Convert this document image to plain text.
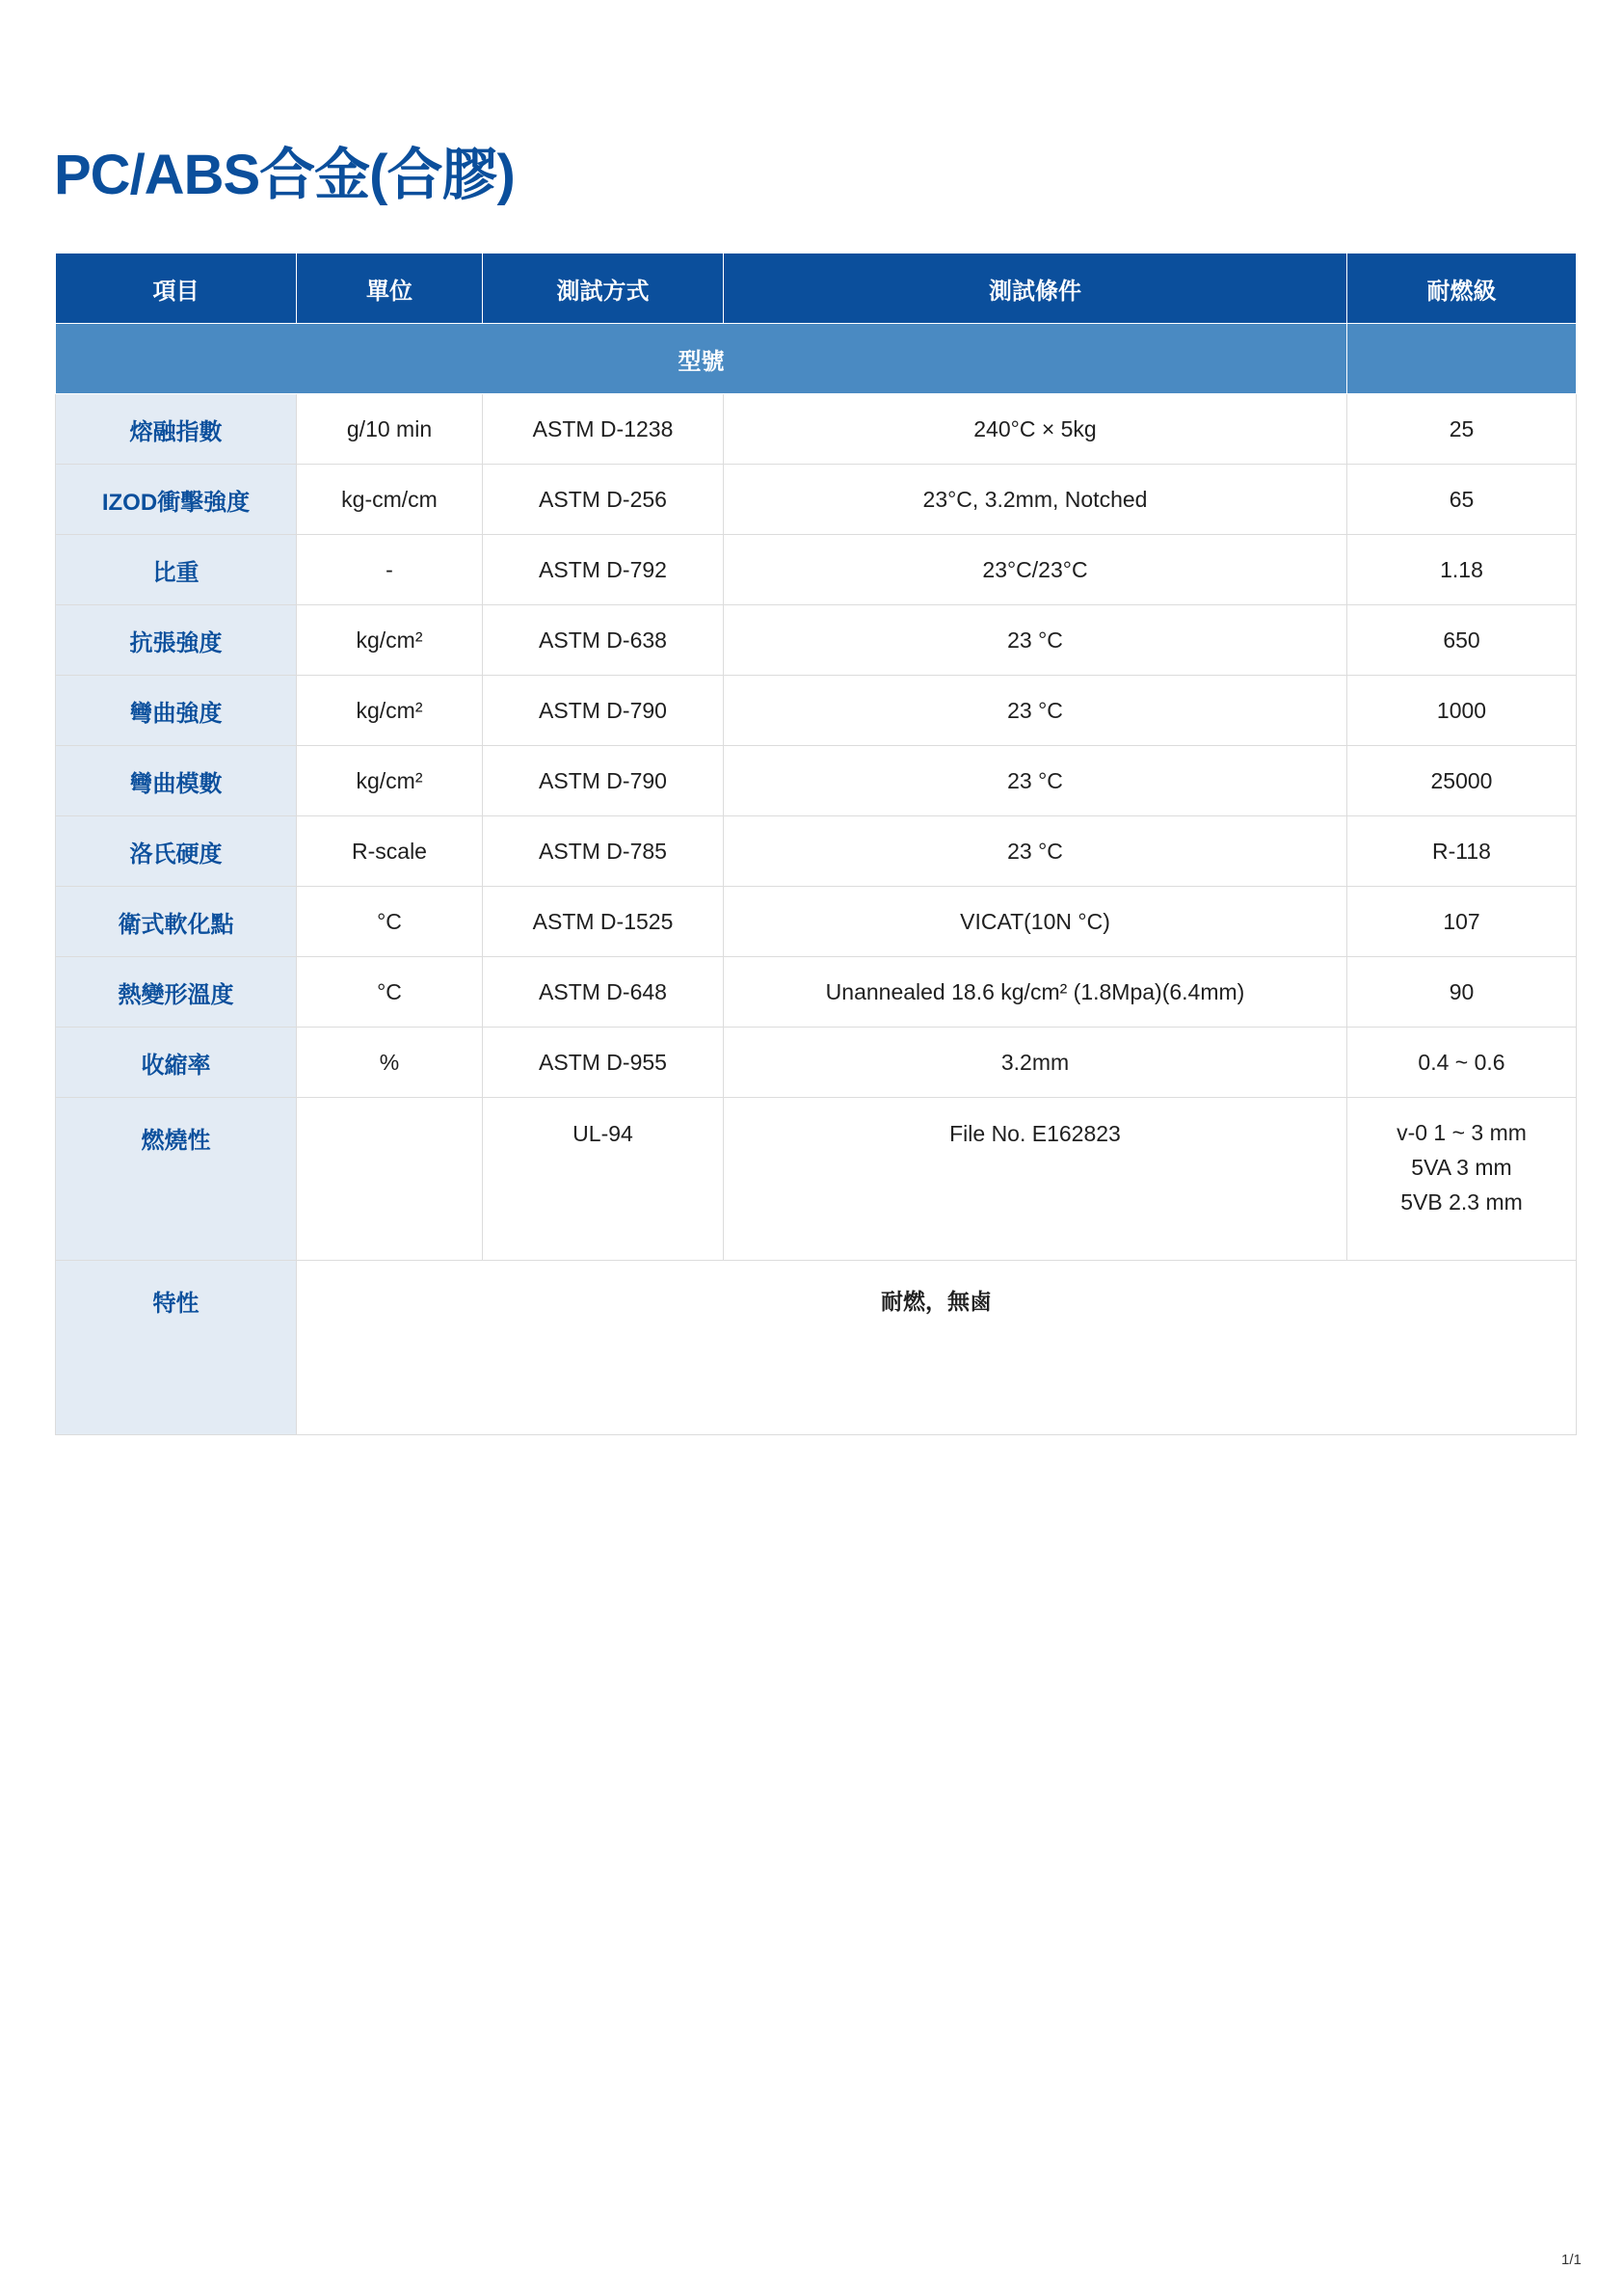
PC/ABS合金(合膠)
項目	單位	測試方式	測試條件	耐燃級
型號				
熔融指數	g/10 min	ASTM D-1238	240°C × 5kg	25
IZOD衝擊強度	kg-cm/cm	ASTM D-256	23°C, 3.2mm, Notched	65
比重	-	ASTM D-792	23°C/23°C	1.18
抗張強度	kg/cm²	ASTM D-638	23 °C	650
彎曲強度	kg/cm²	ASTM D-790	23 °C	1000
彎曲模數	kg/cm²	ASTM D-790	23 °C	25000
洛氏硬度	R-scale	ASTM D-785	23 °C	R-118
衛式軟化點	°C	ASTM D-1525	VICAT(10N °C)	107
熱變形溫度	°C	ASTM D-648	Unannealed 18.6 kg/cm² (1.8Mpa)(6.4mm)	90
收縮率	%	ASTM D-955	3.2mm	0.4 ~ 0.6
燃燒性		UL-94	File No. E162823	v-0 1 ~ 3 mm
5VA 3 mm
5VB 2.3 mm

特性	耐燃，無鹵			
1/1
